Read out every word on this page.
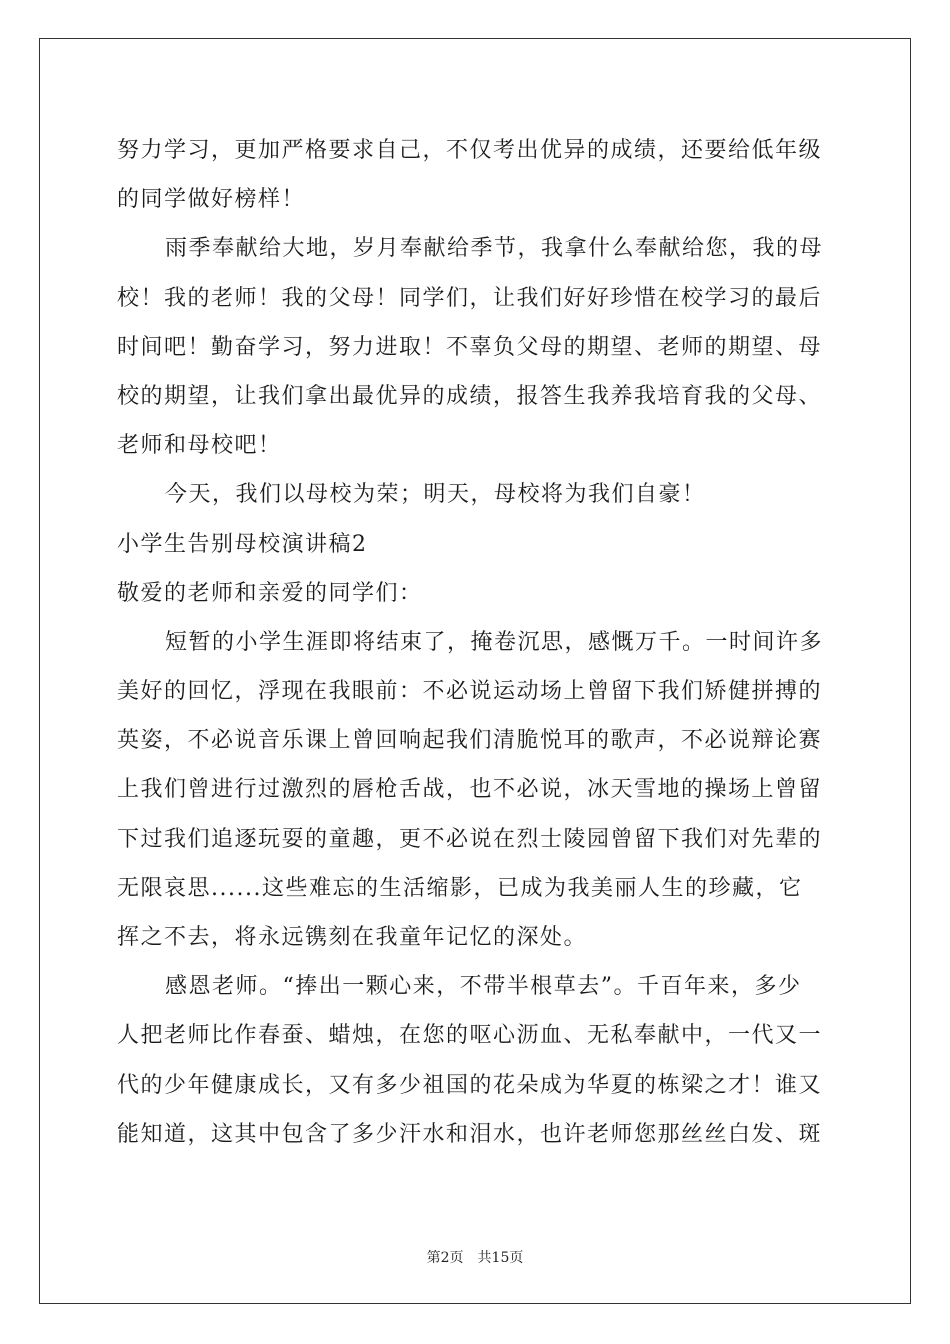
努力学习，更加严格要求自己，不仅考出优异的成绩，还要给低年级
的同学做好榜样！
雨季奉献给大地，岁月奉献给季节，我拿什么奉献给您，我的母
校！我的老师！我的父母！同学们，让我们好好珍惜在校学习的最后
时间吧！勤奋学习，努力进取！不辜负父母的期望、老师的期望、母
校的期望，让我们拿出最优异的成绩，报答生我养我培育我的父母、
老师和母校吧！
今天，我们以母校为荣；明天，母校将为我们自豪！
小学生告别母校演讲稿2
敬爱的老师和亲爱的同学们：
短暂的小学生涯即将结束了，掩卷沉思，感慨万千。一时间许多
美好的回忆，浮现在我眼前：不必说运动场上曾留下我们矫健拼搏的
英姿，不必说音乐课上曾回响起我们清脆悦耳的歌声，不必说辩论赛
上我们曾进行过激烈的唇枪舌战，也不必说，冰天雪地的操场上曾留
下过我们追逐玩耍的童趣，更不必说在烈士陵园曾留下我们对先辈的
无限哀思......这些难忘的生活缩影，已成为我美丽人生的珍藏，它
挥之不去，将永远镌刻在我童年记忆的深处。
感恩老师。“捧出一颗心来，不带半根草去”。千百年来，多少
人把老师比作春蚕、蜡烛，在您的呕心沥血、无私奉献中，一代又一
代的少年健康成长，又有多少祖国的花朵成为华夏的栋梁之才！谁又
能知道，这其中包含了多少汗水和泪水，也许老师您那丝丝白发、斑
第2页　共15页
